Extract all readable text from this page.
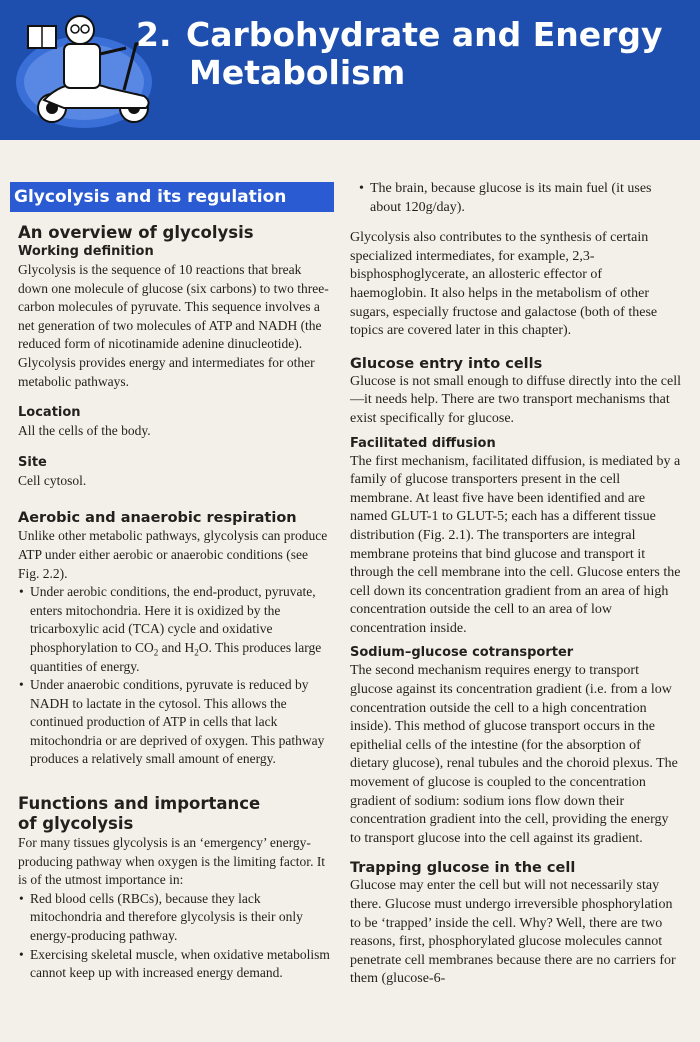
2. Carbohydrate and Energy
Metabolism
Glycolysis and its regulation
An overview of glycolysis
Working definition

Glycolysis is the sequence of 10 reactions that break down one molecule of glucose (six carbons) to two three-carbon molecules of pyruvate. This sequence involves a net generation of two molecules of ATP and NADH (the reduced form of nicotinamide adenine dinucleotide). Glycolysis provides energy and intermediates for other metabolic pathways.

Location

All the cells of the body.

Site

Cell cytosol.

Aerobic and anaerobic respiration

Unlike other metabolic pathways, glycolysis can produce ATP under either aerobic or anaerobic conditions (see Fig. 2.2).

• Under aerobic conditions, the end-product, pyruvate, enters mitochondria. Here it is oxidized by the tricarboxylic acid (TCA) cycle and oxidative phosphorylation to $CO_2$ and $H_2O$. This produces large quantities of energy.
• Under anaerobic conditions, pyruvate is reduced by NADH to lactate in the cytosol. This allows the continued production of ATP in cells that lack mitochondria or are deprived of oxygen. This pathway produces a relatively small amount of energy.
Functions and importance
of glycolysis

For many tissues glycolysis is an ‘emergency’ energy-producing pathway when oxygen is the limiting factor. It is of the utmost importance in:

• Red blood cells (RBCs), because they lack mitochondria and therefore glycolysis is their only energy-producing pathway.
• Exercising skeletal muscle, when oxidative metabolism cannot keep up with increased energy demand.
• The brain, because glucose is its main fuel (it uses about 120g/day).

Glycolysis also contributes to the synthesis of certain specialized intermediates, for example, 2,3-bisphosphoglycerate, an allosteric effector of haemoglobin. It also helps in the metabolism of other sugars, especially fructose and galactose (both of these topics are covered later in this chapter).

Glucose entry into cells

Glucose is not small enough to diffuse directly into the cell—it needs help. There are two transport mechanisms that exist specifically for glucose.

Facilitated diffusion

The first mechanism, facilitated diffusion, is mediated by a family of glucose transporters present in the cell membrane. At least five have been identified and are named GLUT-1 to GLUT-5; each has a different tissue distribution (Fig. 2.1). The transporters are integral membrane proteins that bind glucose and transport it through the cell membrane into the cell. Glucose enters the cell down its concentration gradient from an area of high concentration outside the cell to an area of low concentration inside.

Sodium–glucose cotransporter

The second mechanism requires energy to transport glucose against its concentration gradient (i.e. from a low concentration outside the cell to a high concentration inside). This method of glucose transport occurs in the epithelial cells of the intestine (for the absorption of dietary glucose), renal tubules and the choroid plexus. The movement of glucose is coupled to the concentration gradient of sodium: sodium ions flow down their concentration gradient into the cell, providing the energy to transport glucose into the cell against its gradient.

Trapping glucose in the cell

Glucose may enter the cell but will not necessarily stay there. Glucose must undergo irreversible phosphorylation to be ‘trapped’ inside the cell. Why? Well, there are two reasons, first, phosphorylated glucose molecules cannot penetrate cell membranes because there are no carriers for them (glucose-6-
